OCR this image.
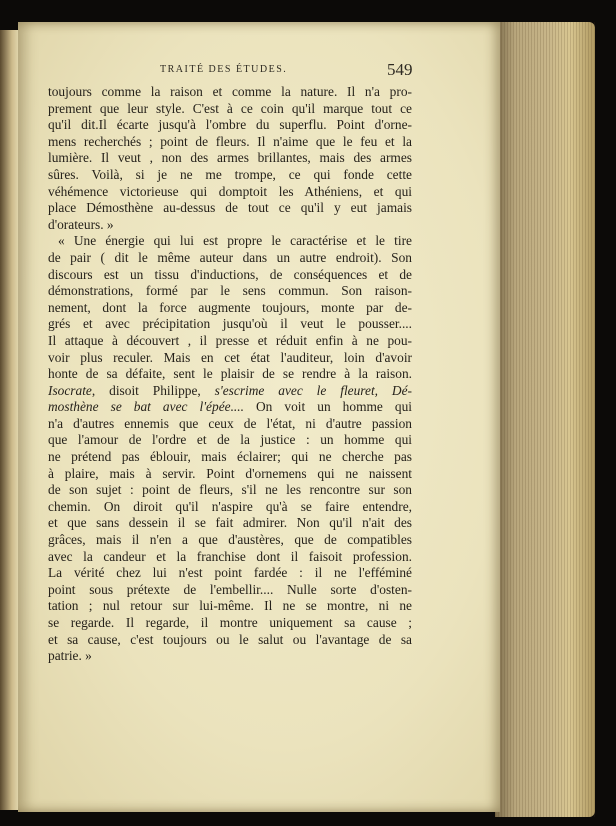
TRAITÉ DES ÉTUDES.	549
toujours comme la raison et comme la nature. Il n'a pro-
prement que leur style. C'est à ce coin qu'il marque tout ce
qu'il dit.Il écarte jusqu'à l'ombre du superflu. Point d'orne-
mens recherchés ; point de fleurs. Il n'aime que le feu et la
lumière. Il veut , non des armes brillantes, mais des armes
sûres. Voilà, si je ne me trompe, ce qui fonde cette
véhémence victorieuse qui domptoit les Athéniens, et qui
place Démosthène au-dessus de tout ce qu'il y eut jamais
d'orateurs. »
« Une énergie qui lui est propre le caractérise et le tire
de pair ( dit le même auteur dans un autre endroit). Son
discours est un tissu d'inductions, de conséquences et de
démonstrations, formé par le sens commun. Son raison-
nement, dont la force augmente toujours, monte par de-
grés et avec précipitation jusqu'où il veut le pousser....
Il attaque à découvert , il presse et réduit enfin à ne pou-
voir plus reculer. Mais en cet état l'auditeur, loin d'avoir
honte de sa défaite, sent le plaisir de se rendre à la raison.
Isocrate, disoit Philippe, s'escrime avec le fleuret, Dé-
mosthène se bat avec l'épée.... On voit un homme qui
n'a d'autres ennemis que ceux de l'état, ni d'autre passion
que l'amour de l'ordre et de la justice : un homme qui
ne prétend pas éblouir, mais éclairer; qui ne cherche pas
à plaire, mais à servir. Point d'ornemens qui ne naissent
de son sujet : point de fleurs, s'il ne les rencontre sur son
chemin. On diroit qu'il n'aspire qu'à se faire entendre,
et que sans dessein il se fait admirer. Non qu'il n'ait des
grâces, mais il n'en a que d'austères, que de compatibles
avec la candeur et la franchise dont il faisoit profession.
La vérité chez lui n'est point fardée : il ne l'efféminé
point sous prétexte de l'embellir.... Nulle sorte d'osten-
tation ; nul retour sur lui-même. Il ne se montre, ni ne
se regarde. Il regarde, il montre uniquement sa cause ;
et sa cause, c'est toujours ou le salut ou l'avantage de sa
patrie. »
